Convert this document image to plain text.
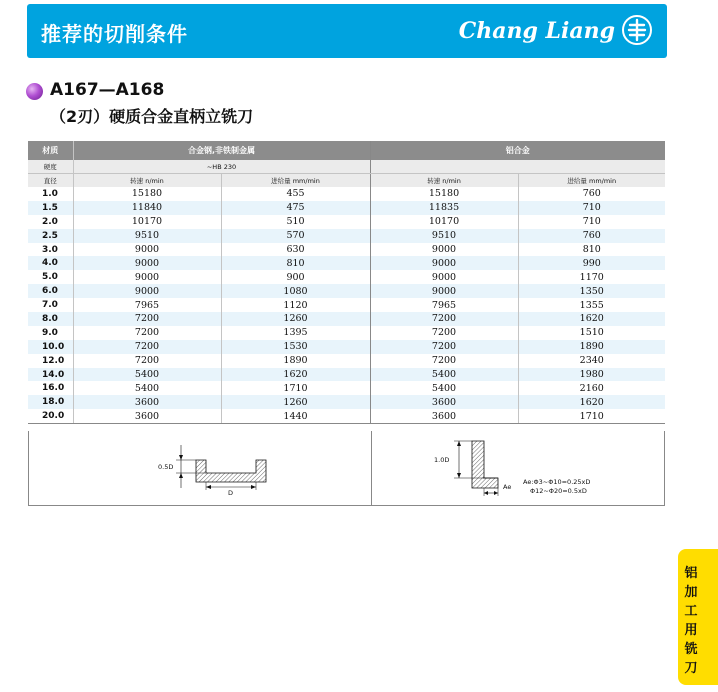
推荐的切削条件	Chang Liang
A167—A168
（2刃）硬质合金直柄立铣刀
材质	合金钢,非铁制金属		铝合金	
硬度	~HB 230			
直径	转速 n/min	进给量 mm/min	转速 n/min	进给量 mm/min
1.0	15180	455	15180	760
1.5	11840	475	11835	710
2.0	10170	510	10170	710
2.5	9510	570	9510	760
3.0	9000	630	9000	810
4.0	9000	810	9000	990
5.0	9000	900	9000	1170
6.0	9000	1080	9000	1350
7.0	7965	1120	7965	1355
8.0	7200	1260	7200	1620
9.0	7200	1395	7200	1510
10.0	7200	1530	7200	1890
12.0	7200	1890	7200	2340
14.0	5400	1620	5400	1980
16.0	5400	1710	5400	2160
18.0	3600	1260	3600	1620
20.0	3600	1440	3600	1710
0.5D
D
1.0D
Ae
Ae:Φ3~Φ10=0.25xD
Φ12~Φ20=0.5xD
铝
加
工
用
铣
刀
